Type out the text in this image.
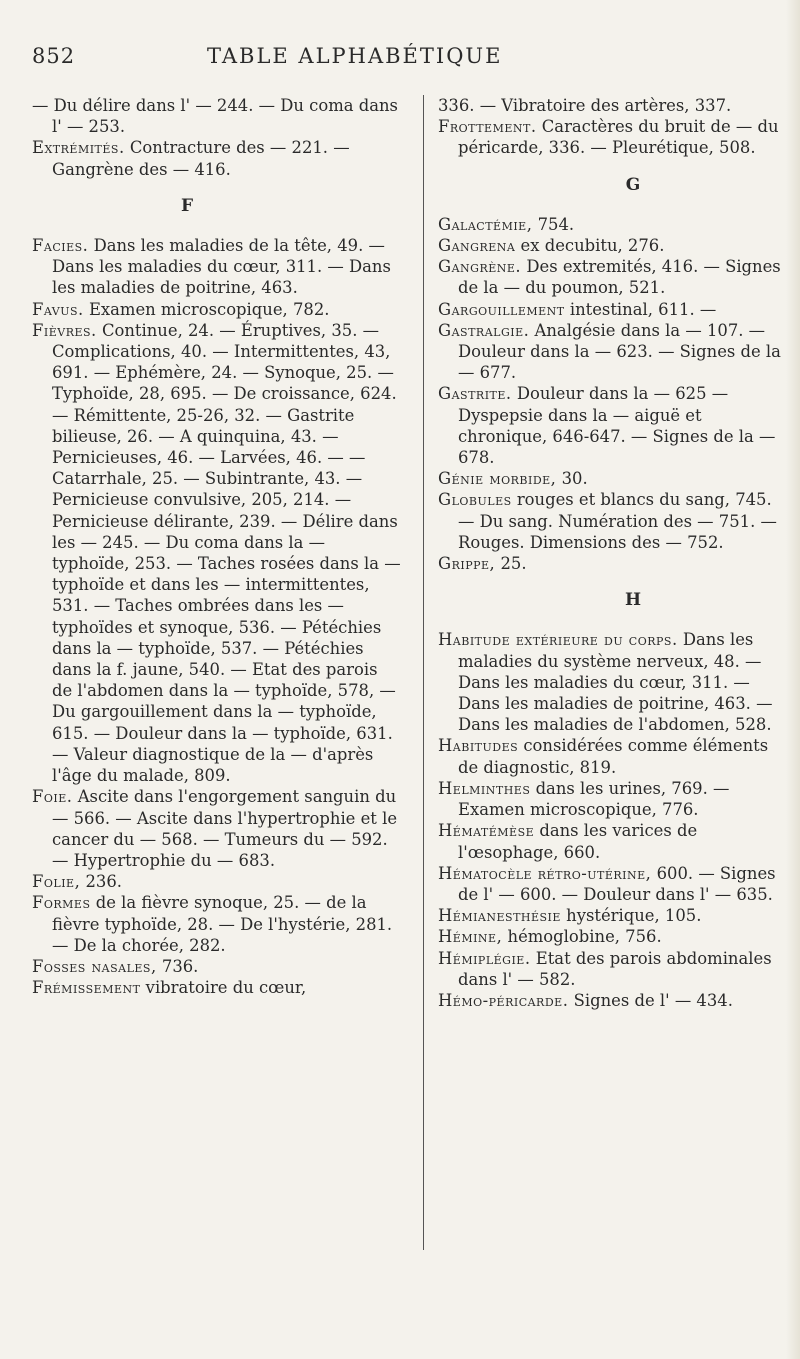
852	TABLE ALPHABÉTIQUE

— Du délire dans l' — 244. — Du coma dans l' — 253.

Extrémités. Contracture des — 221. — Gangrène des — 416.

F

Facies. Dans les maladies de la tête, 49. — Dans les maladies du cœur, 311. — Dans les maladies de poitrine, 463.

Favus. Examen microscopique, 782.

Fièvres. Continue, 24. — Éruptives, 35. — Complications, 40. — Intermittentes, 43, 691. — Ephémère, 24. — Synoque, 25. —Typhoïde, 28, 695. — De croissance, 624. — Rémittente, 25-26, 32. — Gastrite bilieuse, 26. — A quinquina, 43. — Pernicieuses, 46. — Larvées, 46. — — Catarrhale, 25. — Subintrante, 43. — Pernicieuse convulsive, 205, 214. — Pernicieuse délirante, 239. — Délire dans les — 245. — Du coma dans la — typhoïde, 253. — Taches rosées dans la — typhoïde et dans les — intermittentes, 531. — Taches ombrées dans les — typhoïdes et synoque, 536. — Pétéchies dans la — typhoïde, 537. — Pétéchies dans la f. jaune, 540. — Etat des parois de l'abdomen dans la — typhoïde, 578, — Du gargouillement dans la — typhoïde, 615. — Douleur dans la — typhoïde, 631. — Valeur diagnostique de la — d'après l'âge du malade, 809.

Foie. Ascite dans l'engorgement sanguin du — 566. — Ascite dans l'hypertrophie et le cancer du — 568. — Tumeurs du — 592. — Hypertrophie du — 683.

Folie, 236.

Formes de la fièvre synoque, 25. — de la fièvre typhoïde, 28. — De l'hystérie, 281. — De la chorée, 282.

Fosses nasales, 736.

Frémissement vibratoire du cœur,

336. — Vibratoire des artères, 337.

Frottement. Caractères du bruit de — du péricarde, 336. — Pleurétique, 508.

G

Galactémie, 754.

Gangrena ex decubitu, 276.

Gangrène. Des extremités, 416. — Signes de la — du poumon, 521.

Gargouillement intestinal, 611. —

Gastralgie. Analgésie dans la — 107. — Douleur dans la — 623. — Signes de la — 677.

Gastrite. Douleur dans la — 625 — Dyspepsie dans la — aiguë et chronique, 646-647. — Signes de la — 678.

Génie morbide, 30.

Globules rouges et blancs du sang, 745. — Du sang. Numération des — 751. — Rouges. Dimensions des — 752.

Grippe, 25.

H

Habitude extérieure du corps. Dans les maladies du système nerveux, 48. — Dans les maladies du cœur, 311. — Dans les maladies de poitrine, 463. — Dans les maladies de l'abdomen, 528.

Habitudes considérées comme éléments de diagnostic, 819.

Helminthes dans les urines, 769. — Examen microscopique, 776.

Hématémèse dans les varices de l'œsophage, 660.

Hématocèle rétro-utérine, 600. — Signes de l' — 600. — Douleur dans l' — 635.

Hémianesthésie hystérique, 105.

Hémine, hémoglobine, 756.

Hémiplégie. Etat des parois abdominales dans l' — 582.

Hémo-péricarde. Signes de l' — 434.
